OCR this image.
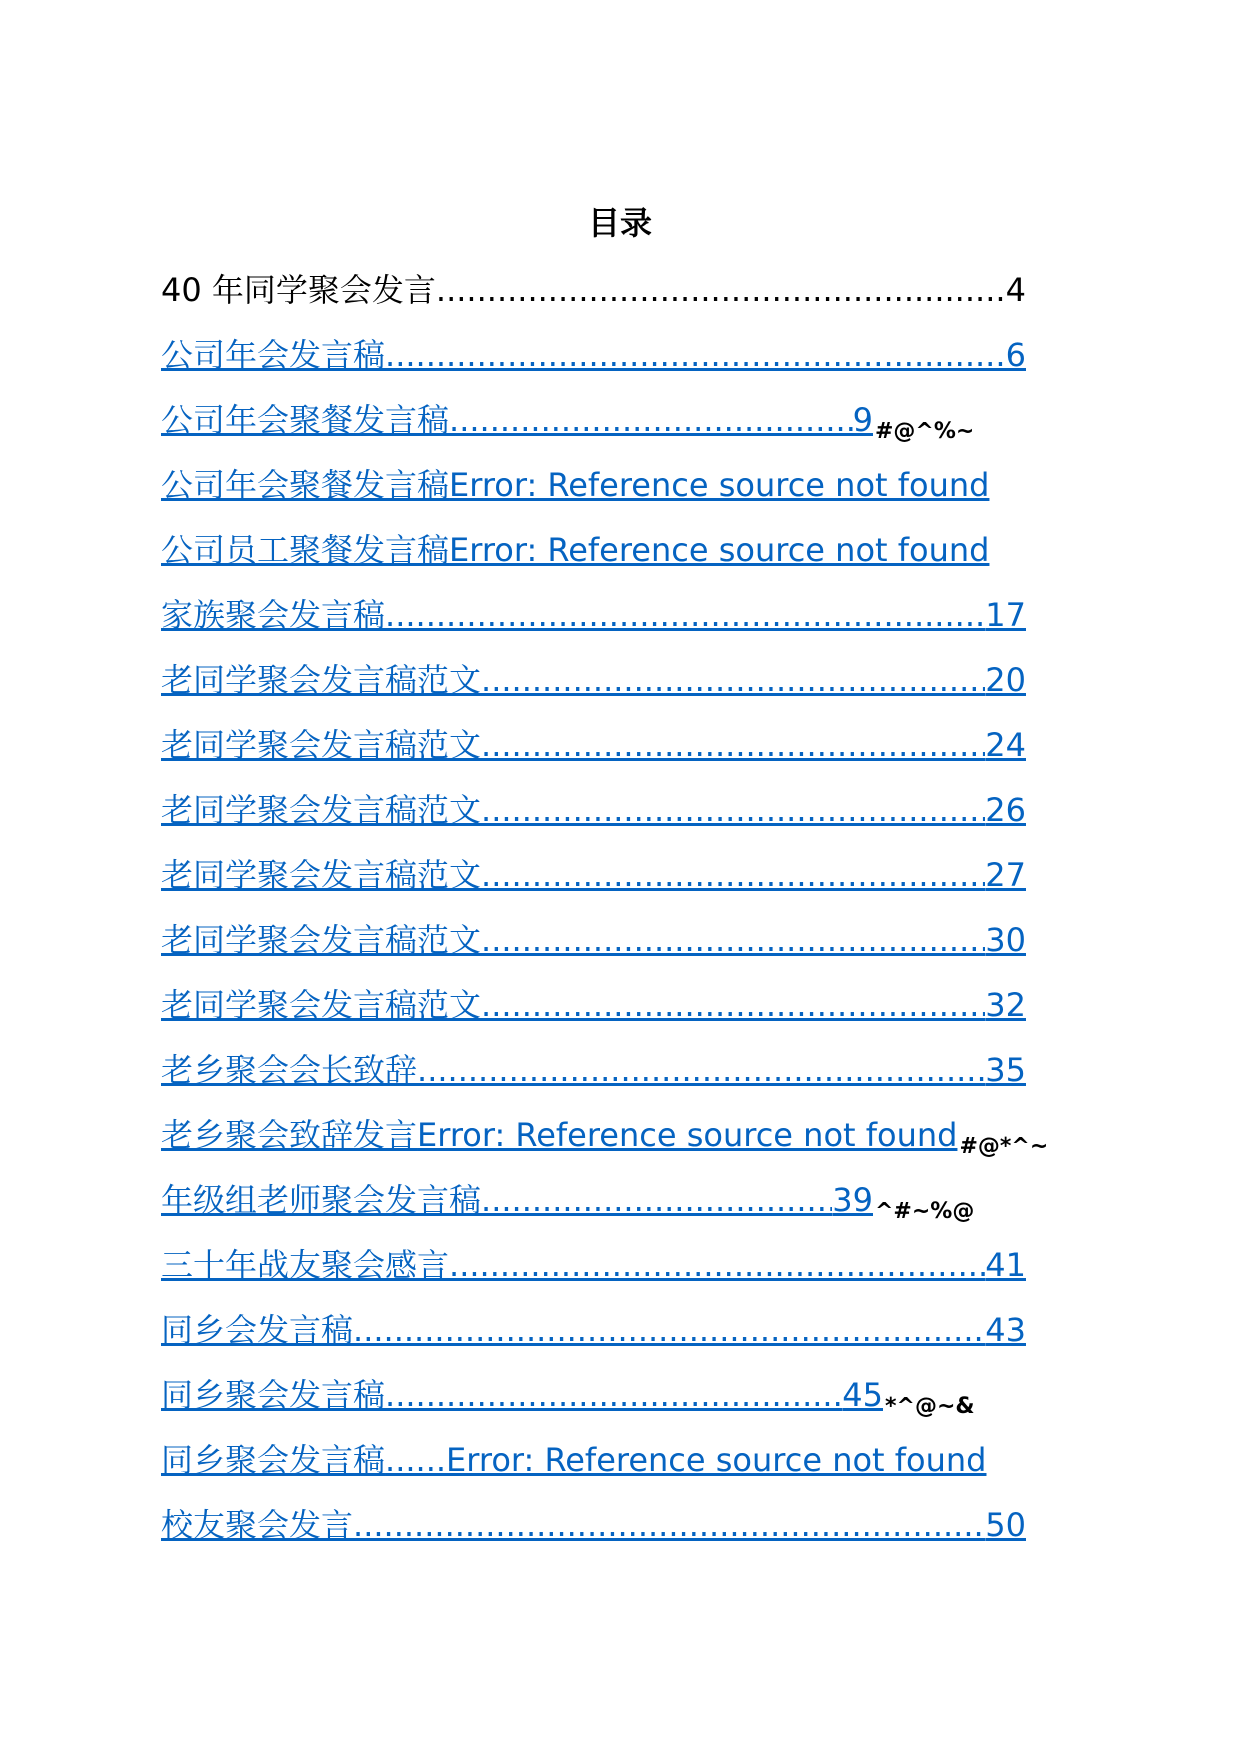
目录
40 年同学聚会发言 .....	4
公司年会发言稿 .....	6
公司年会聚餐发言稿 .....	9 #@^%~
公司年会聚餐发言稿Error: Reference source not found
公司员工聚餐发言稿Error: Reference source not found
家族聚会发言稿 .....	17
老同学聚会发言稿范文 .....	20
老同学聚会发言稿范文 .....	24
老同学聚会发言稿范文 .....	26
老同学聚会发言稿范文 .....	27
老同学聚会发言稿范文 .....	30
老同学聚会发言稿范文 .....	32
老乡聚会会长致辞 .....	35
老乡聚会致辞发言Error: Reference source not found#@*^~
年级组老师聚会发言稿 .....	39 ^#~%@
三十年战友聚会感言 .....	41
同乡会发言稿 .....	43
同乡聚会发言稿 .....	45 *^@~&
同乡聚会发言稿......Error: Reference source not found
校友聚会发言 .....	50
